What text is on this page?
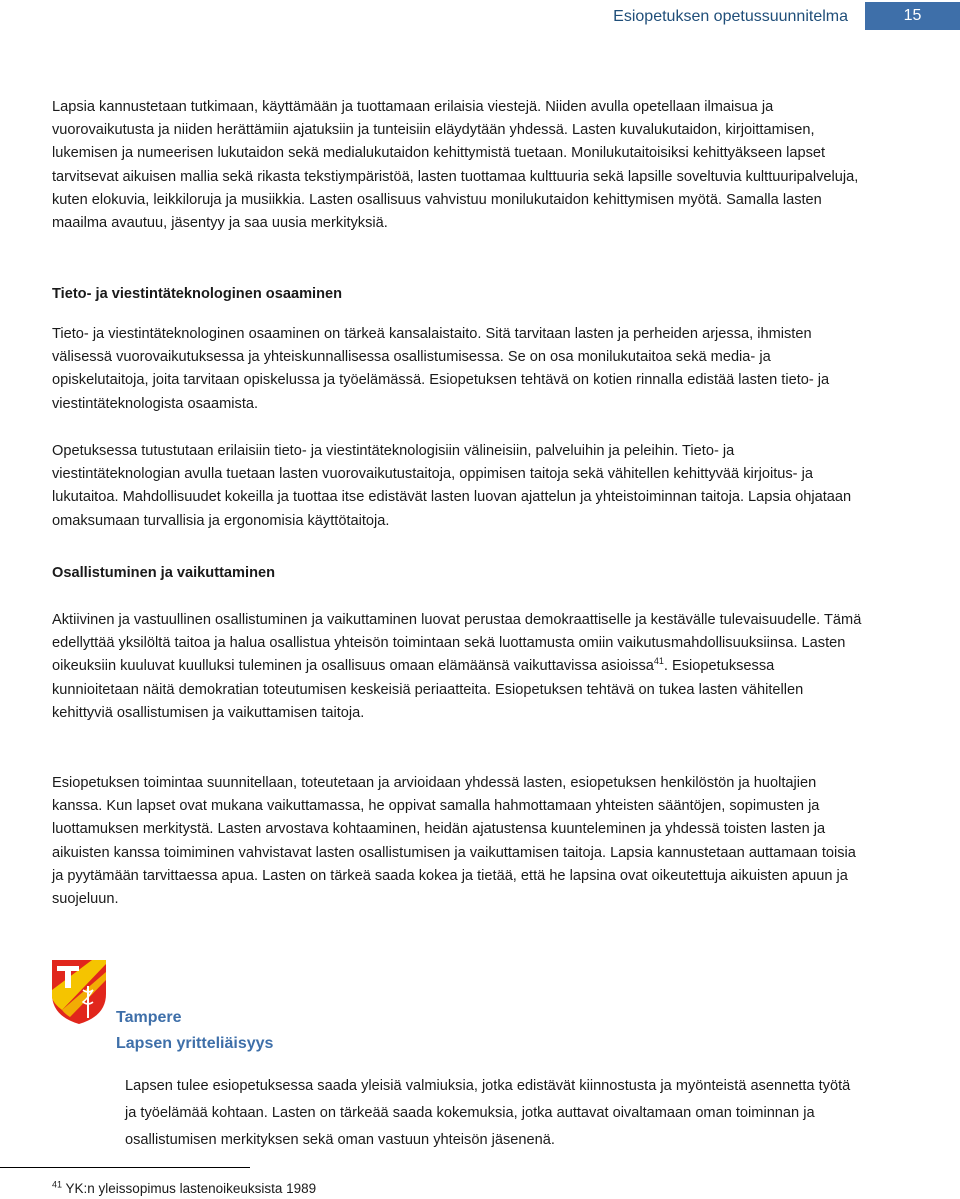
Esiopetuksen opetussuunnitelma	15

Lapsia kannustetaan tutkimaan, käyttämään ja tuottamaan erilaisia viestejä. Niiden avulla opetellaan ilmaisua ja vuorovaikutusta ja niiden herättämiin ajatuksiin ja tunteisiin eläydytään yhdessä. Lasten kuvalukutaidon, kirjoittamisen, lukemisen ja numeerisen lukutaidon sekä medialukutaidon kehittymistä tuetaan. Monilukutaitoisiksi kehittyäkseen lapset tarvitsevat aikuisen mallia sekä rikasta tekstiympäristöä, lasten tuottamaa kulttuuria sekä lapsille soveltuvia kulttuuripalveluja, kuten elokuvia, leikkiloruja ja musiikkia. Lasten osallisuus vahvistuu monilukutaidon kehittymisen myötä. Samalla lasten maailma avautuu, jäsentyy ja saa uusia merkityksiä.

Tieto- ja viestintäteknologinen osaaminen

Tieto- ja viestintäteknologinen osaaminen on tärkeä kansalaistaito. Sitä tarvitaan lasten ja perheiden arjessa, ihmisten välisessä vuorovaikutuksessa ja yhteiskunnallisessa osallistumisessa. Se on osa monilukutaitoa sekä media- ja opiskelutaitoja, joita tarvitaan opiskelussa ja työelämässä. Esiopetuksen tehtävä on kotien rinnalla edistää lasten tieto- ja viestintäteknologista osaamista.

Opetuksessa tutustutaan erilaisiin tieto- ja viestintäteknologisiin välineisiin, palveluihin ja peleihin. Tieto- ja viestintäteknologian avulla tuetaan lasten vuorovaikutustaitoja, oppimisen taitoja sekä vähitellen kehittyvää kirjoitus- ja lukutaitoa. Mahdollisuudet kokeilla ja tuottaa itse edistävät lasten luovan ajattelun ja yhteistoiminnan taitoja. Lapsia ohjataan omaksumaan turvallisia ja ergonomisia käyttötaitoja.

Osallistuminen ja vaikuttaminen

Aktiivinen ja vastuullinen osallistuminen ja vaikuttaminen luovat perustaa demokraattiselle ja kestävälle tulevaisuudelle. Tämä edellyttää yksilöltä taitoa ja halua osallistua yhteisön toimintaan sekä luottamusta omiin vaikutusmahdollisuuksiinsa. Lasten oikeuksiin kuuluvat kuulluksi tuleminen ja osallisuus omaan elämäänsä vaikuttavissa asioissa$^{41}$. Esiopetuksessa kunnioitetaan näitä demokratian toteutumisen keskeisiä periaatteita. Esiopetuksen tehtävä on tukea lasten vähitellen kehittyviä osallistumisen ja vaikuttamisen taitoja.

Esiopetuksen toimintaa suunnitellaan, toteutetaan ja arvioidaan yhdessä lasten, esiopetuksen henkilöstön ja huoltajien kanssa. Kun lapset ovat mukana vaikuttamassa, he oppivat samalla hahmottamaan yhteisten sääntöjen, sopimusten ja luottamuksen merkitystä. Lasten arvostava kohtaaminen, heidän ajatustensa kuunteleminen ja yhdessä toisten lasten ja aikuisten kanssa toimiminen vahvistavat lasten osallistumisen ja vaikuttamisen taitoja. Lapsia kannustetaan auttamaan toisia ja pyytämään tarvittaessa apua. Lasten on tärkeä saada kokea ja tietää, että he lapsina ovat oikeutettuja aikuisten apuun ja suojeluun.

Tampere
Lapsen yritteliäisyys

Lapsen tulee esiopetuksessa saada yleisiä valmiuksia, jotka edistävät kiinnostusta ja myönteistä asennetta työtä ja työelämää kohtaan. Lasten on tärkeää saada kokemuksia, jotka auttavat oivaltamaan oman toiminnan ja osallistumisen merkityksen sekä oman vastuun yhteisön jäsenenä.

$^{41}$ YK:n yleissopimus lastenoikeuksista 1989
